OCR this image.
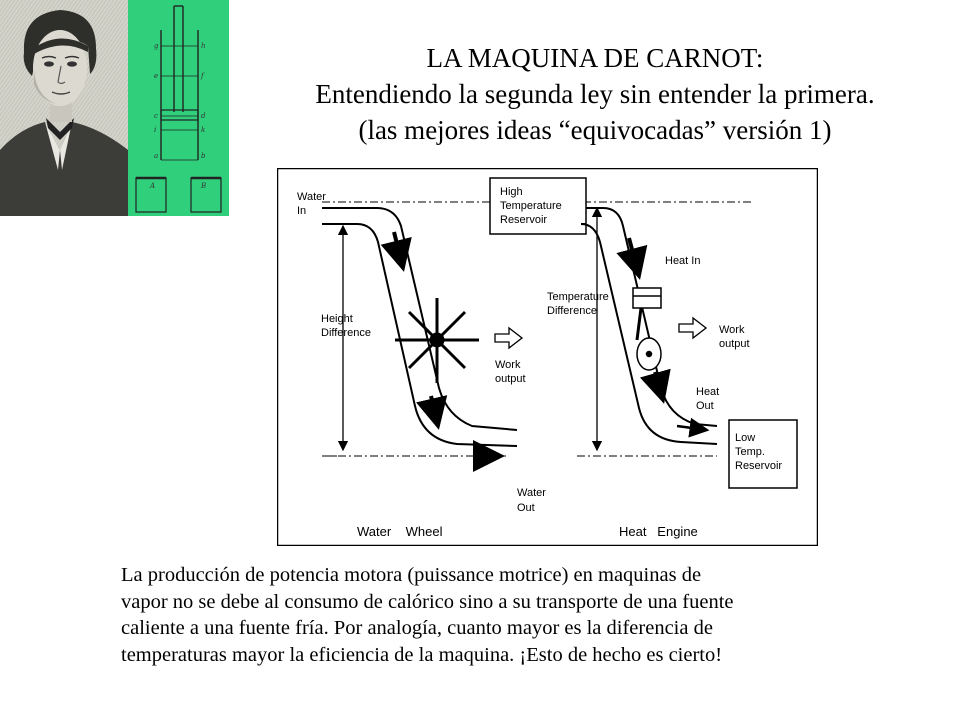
g	h
e	f
c	d
i	k
a	b
A	B
LA MAQUINA DE CARNOT:
Entendiendo la segunda ley sin entender la primera.
(las mejores ideas “equivocadas” versión 1)
Water
In
Height
Difference
Work
output
Water
Out
Water    Wheel
High
Temperature
Reservoir
Heat In
Temperature
Difference
Work
output
Heat
Out
Low
Temp.
Reservoir
Heat   Engine
La producción de potencia motora (puissance motrice) en maquinas de
vapor no se debe al consumo de calórico sino a su transporte de una fuente
caliente a una fuente fría. Por analogía, cuanto mayor es la diferencia de
temperaturas mayor la eficiencia de la maquina. ¡Esto de hecho es cierto!
